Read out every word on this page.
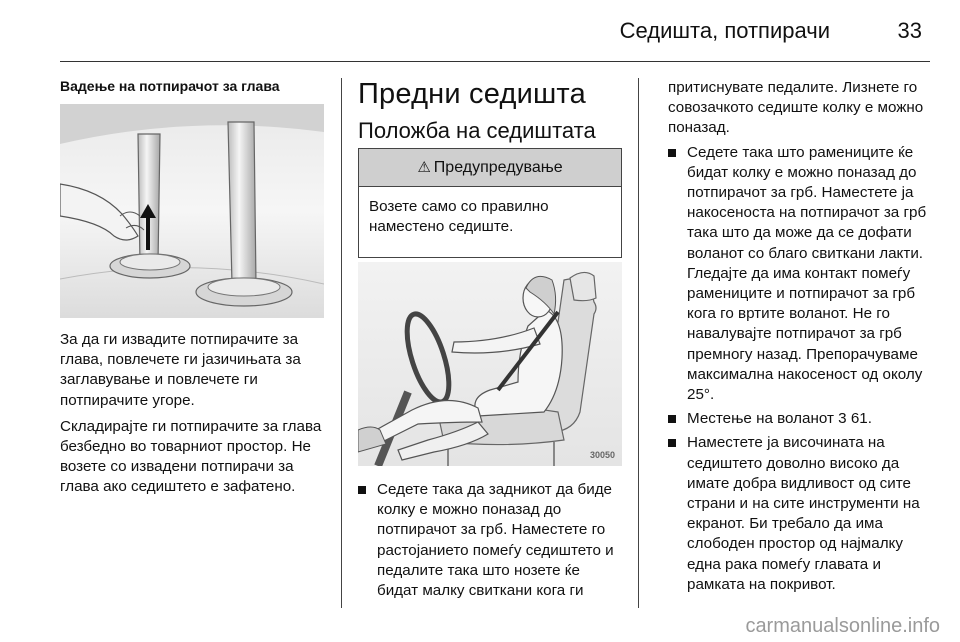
Седишта, потпирачи	33
Вадење на потпирачот за глава

За да ги извадите потпирачите за глава, повлечете ги јазичињата за заглавување и повлечете ги потпирачите угоре.

Складирајте ги потпирачите за глава безбедно во товарниот простор. Не возете со извадени потпирачи за глава ако седиштето е зафатено.

Предни седишта
Положба на седиштата
⚠ Предупредување
Возете само со правилно наместено седиште.
30050
Седете така да задникот да биде колку е можно поназад до потпирачот за грб. Наместете го растојанието помеѓу седиштето и педалите така што нозете ќе бидат малку свиткани кога ги
притиснувате педалите. Лизнете го совозачкото седиште колку е можно поназад.
Седете така што рамениците ќе бидат колку е можно поназад до потпирачот за грб. Наместете ја накосеноста на потпирачот за грб така што да може да се дофати воланот со благо свиткани лакти. Гледајте да има контакт помеѓу рамениците и потпирачот за грб кога го вртите воланот. Не го навалувајте потпирачот за грб премногу назад. Препорачуваме максимална накосеност од околу 25°.
Местење на воланот 3 61.
Наместете ја височината на седиштето доволно високо да имате добра видливост од сите страни и на сите инструменти на екранот. Би требало да има слободен простор од најмалку една рака помеѓу главата и рамката на покривот.
carmanualsonline.info
